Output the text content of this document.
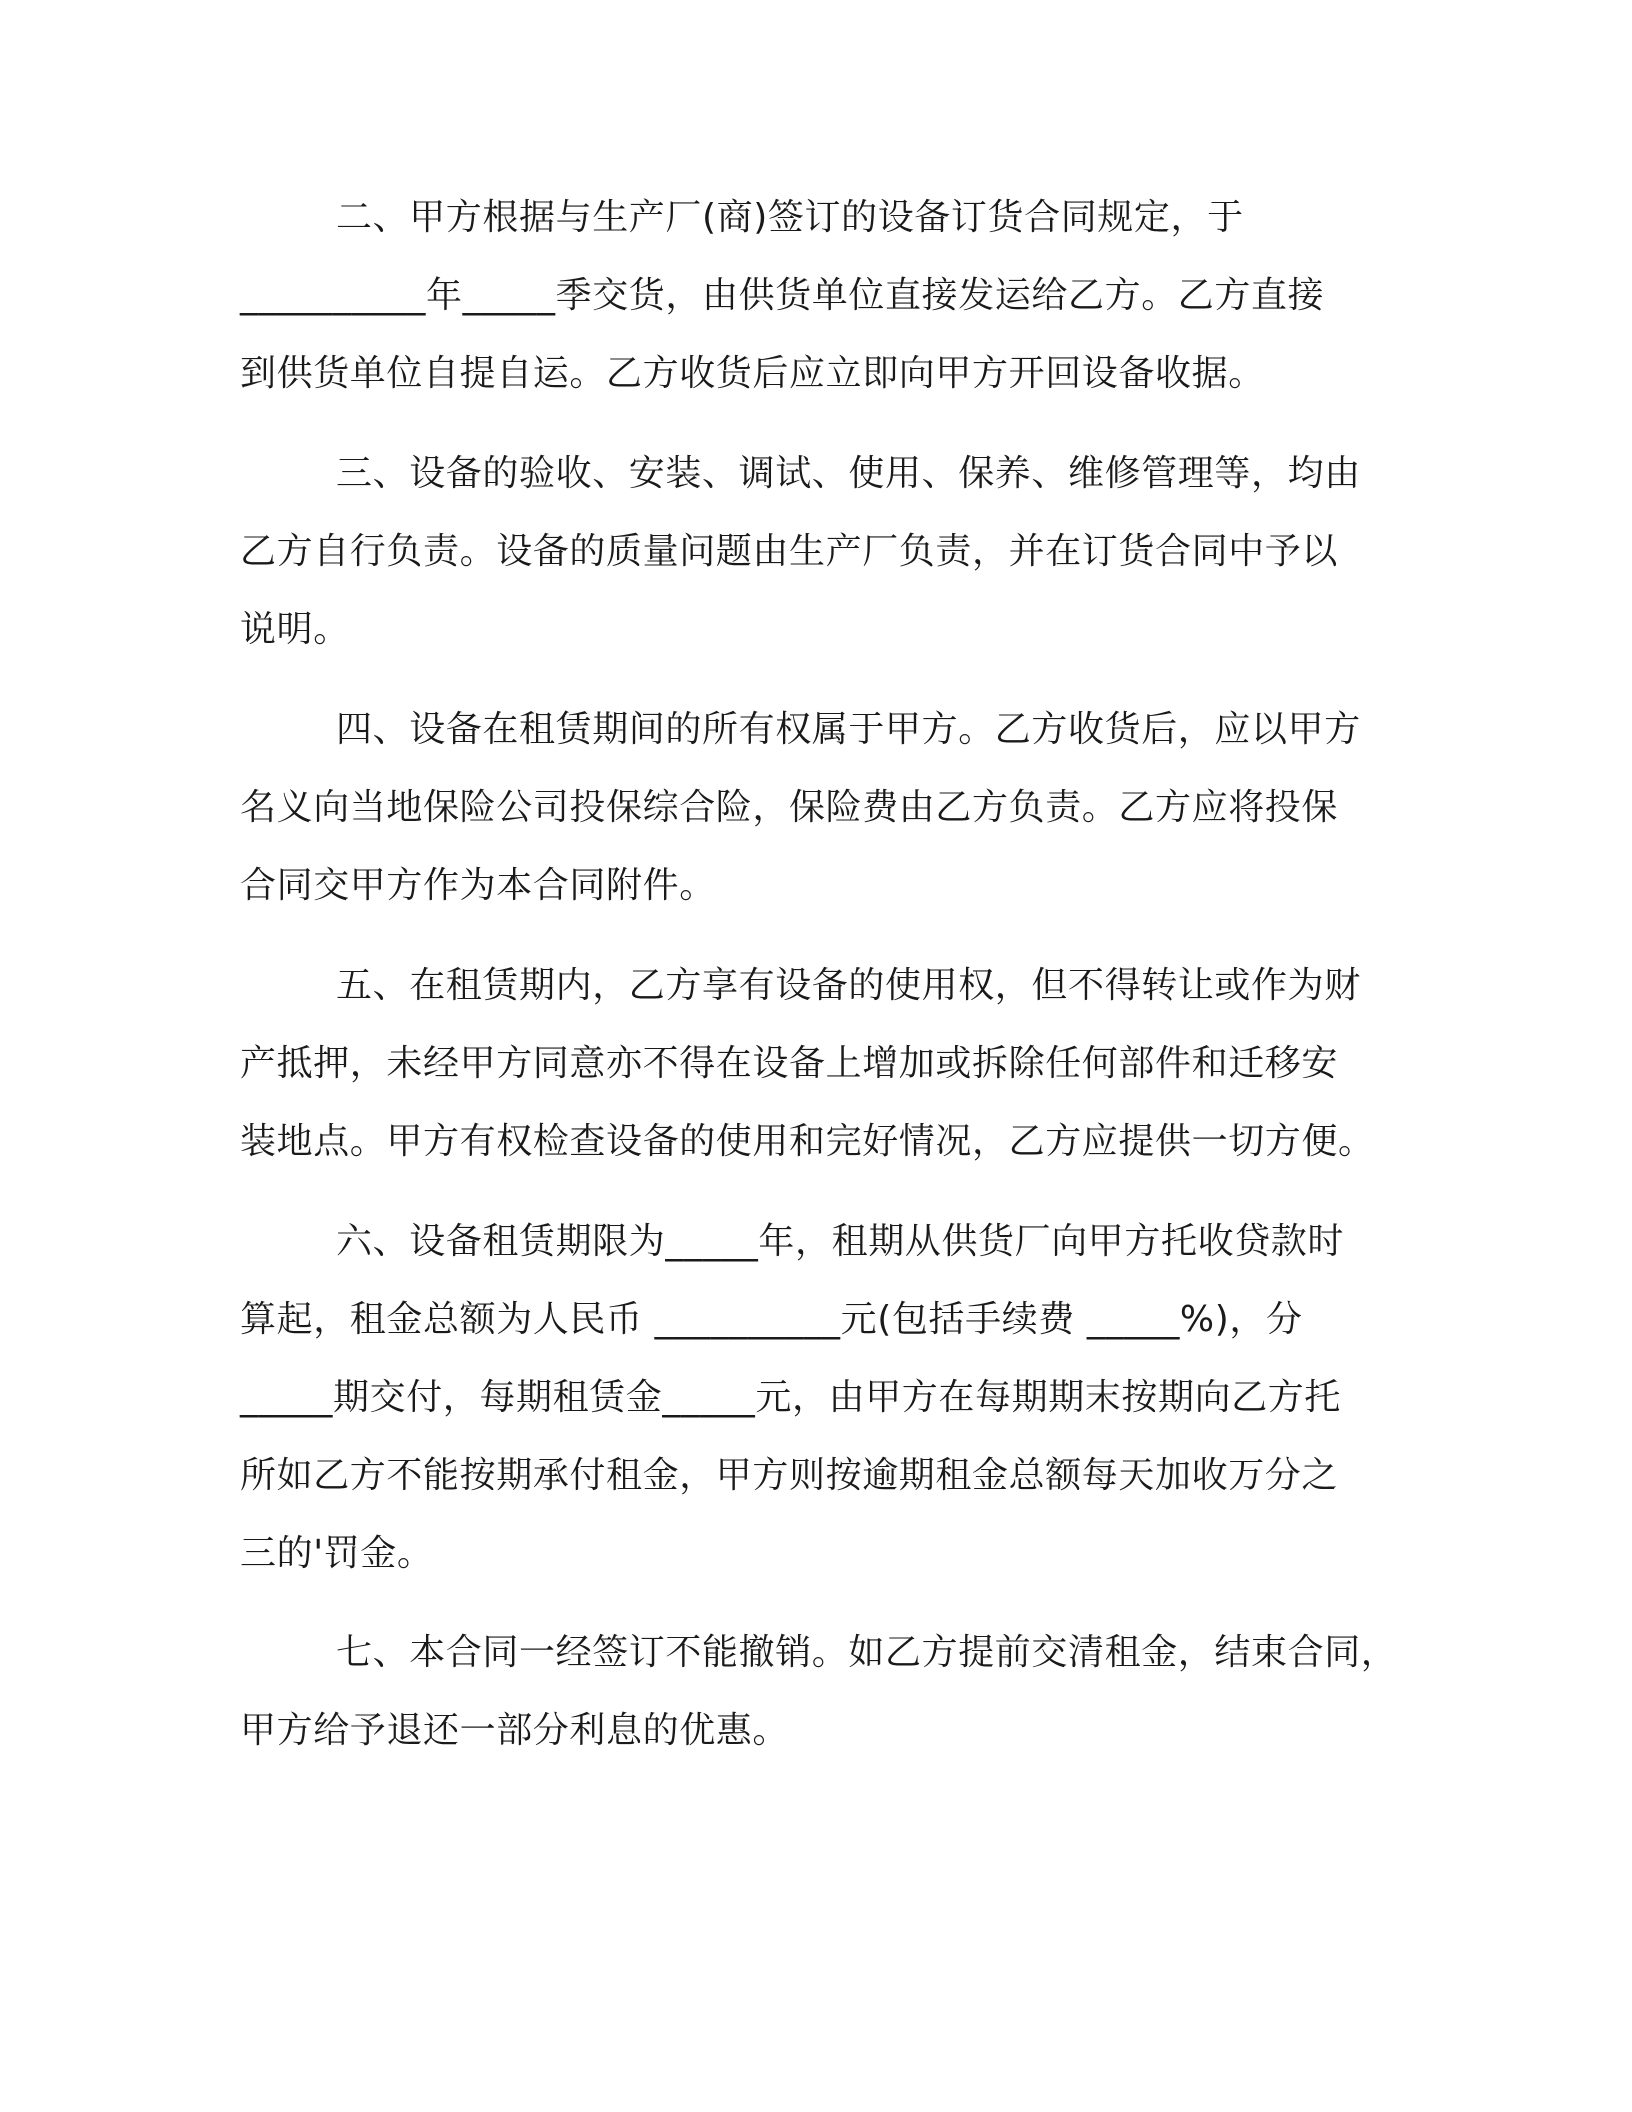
二、甲方根据与生产厂(商)签订的设备订货合同规定，于
__________年_____季交货，由供货单位直接发运给乙方。乙方直接
到供货单位自提自运。乙方收货后应立即向甲方开回设备收据。
三、设备的验收、安装、调试、使用、保养、维修管理等，均由
乙方自行负责。设备的质量问题由生产厂负责，并在订货合同中予以
说明。
四、设备在租赁期间的所有权属于甲方。乙方收货后，应以甲方
名义向当地保险公司投保综合险，保险费由乙方负责。乙方应将投保
合同交甲方作为本合同附件。
五、在租赁期内，乙方享有设备的使用权，但不得转让或作为财
产抵押，未经甲方同意亦不得在设备上增加或拆除任何部件和迁移安
装地点。甲方有权检查设备的使用和完好情况，乙方应提供一切方便。
六、设备租赁期限为_____年，租期从供货厂向甲方托收贷款时
算起，租金总额为人民币 __________元(包括手续费 _____%)，分
_____期交付，每期租赁金_____元，由甲方在每期期末按期向乙方托
所如乙方不能按期承付租金，甲方则按逾期租金总额每天加收万分之
三的'罚金。
七、本合同一经签订不能撤销。如乙方提前交清租金，结束合同，
甲方给予退还一部分利息的优惠。
